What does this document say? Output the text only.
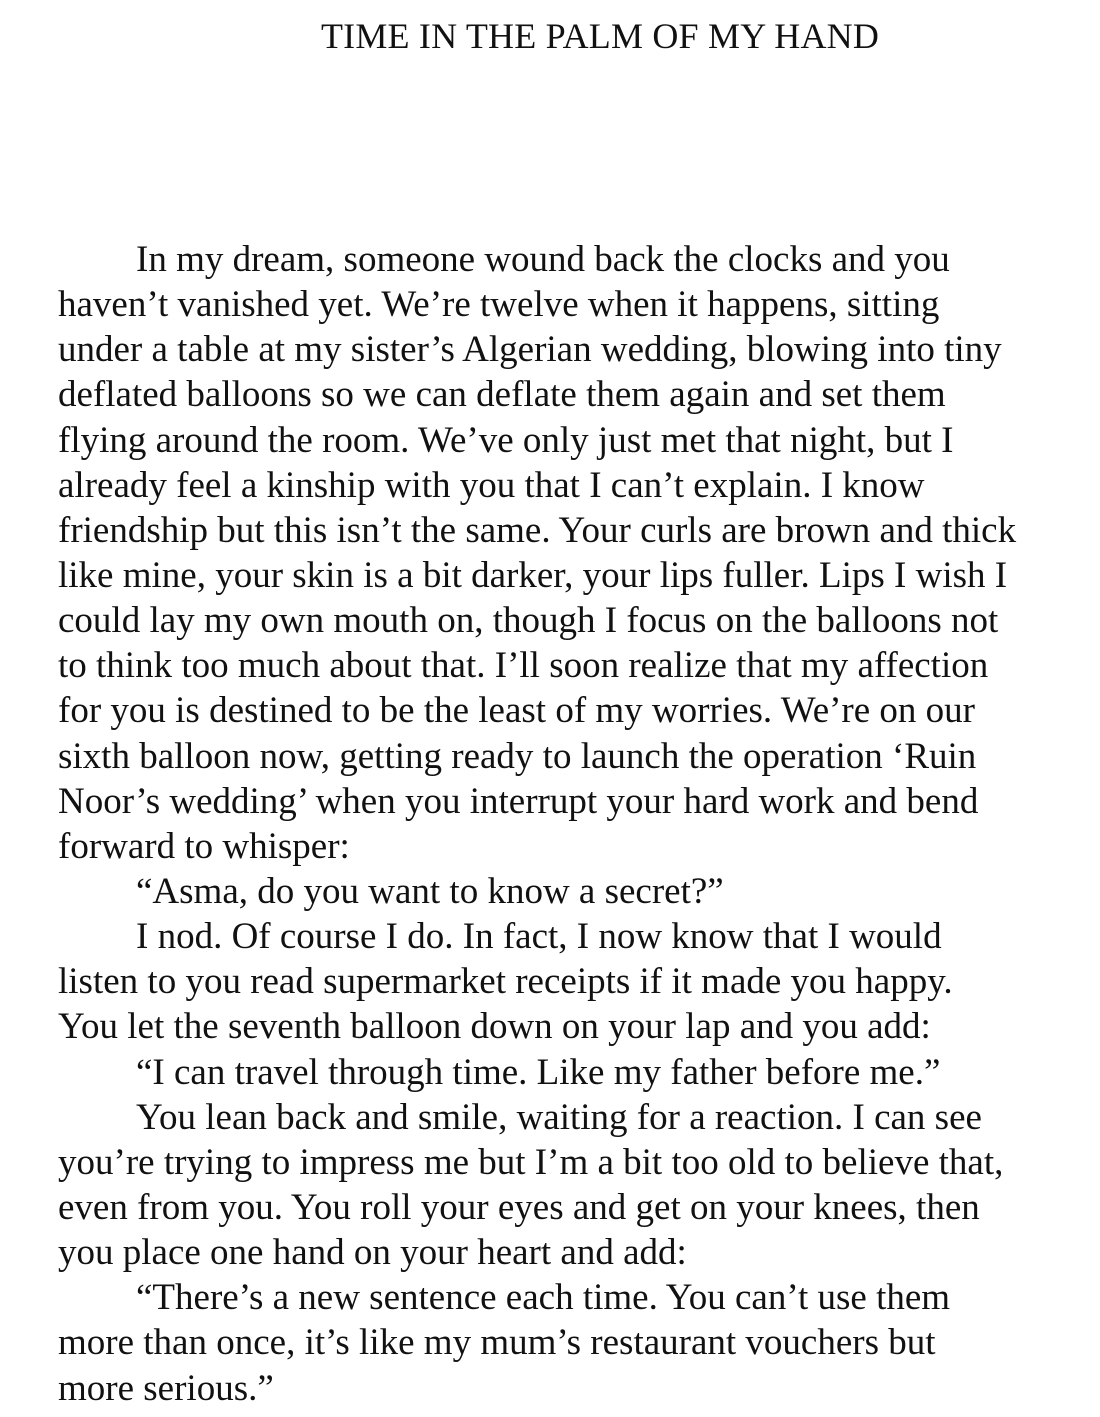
TIME IN THE PALM OF MY HAND
In my dream, someone wound back the clocks and you
haven’t vanished yet. We’re twelve when it happens, sitting
under a table at my sister’s Algerian wedding, blowing into tiny
deflated balloons so we can deflate them again and set them
flying around the room. We’ve only just met that night, but I
already feel a kinship with you that I can’t explain. I know
friendship but this isn’t the same. Your curls are brown and thick
like mine, your skin is a bit darker, your lips fuller. Lips I wish I
could lay my own mouth on, though I focus on the balloons not
to think too much about that. I’ll soon realize that my affection
for you is destined to be the least of my worries. We’re on our
sixth balloon now, getting ready to launch the operation ‘Ruin
Noor’s wedding’ when you interrupt your hard work and bend
forward to whisper:
“Asma, do you want to know a secret?”
I nod. Of course I do. In fact, I now know that I would
listen to you read supermarket receipts if it made you happy.
You let the seventh balloon down on your lap and you add:
“I can travel through time. Like my father before me.”
You lean back and smile, waiting for a reaction. I can see
you’re trying to impress me but I’m a bit too old to believe that,
even from you. You roll your eyes and get on your knees, then
you place one hand on your heart and add:
“There’s a new sentence each time. You can’t use them
more than once, it’s like my mum’s restaurant vouchers but
more serious.”
